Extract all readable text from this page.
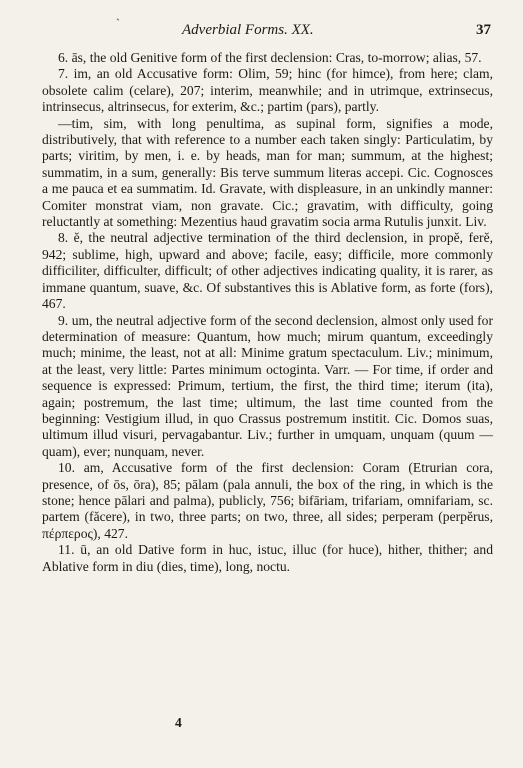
`	Adverbial Forms. XX.	37

6. ās, the old Genitive form of the first declension: Cras, to-morrow; alias, 57.

7. im, an old Accusative form: Olim, 59; hinc (for himce), from here; clam, obsolete calim (celare), 207; interim, meanwhile; and in utrimque, extrinsecus, intrinsecus, altrinsecus, for exterim, &c.; partim (pars), partly.

—tim, sim, with long penultima, as supinal form, signifies a mode, distributively, that with reference to a number each taken singly: Particulatim, by parts; viritim, by men, i. e. by heads, man for man; summum, at the highest; summatim, in a sum, generally: Bis terve summum literas accepi. Cic. Cognosces a me pauca et ea summatim. Id. Gravate, with displeasure, in an unkindly manner: Comiter monstrat viam, non gravate. Cic.; gravatim, with difficulty, going reluctantly at something: Mezentius haud gravatim socia arma Rutulis junxit. Liv.

8. ĕ, the neutral adjective termination of the third declension, in propĕ, ferĕ, 942; sublime, high, upward and above; facile, easy; difficile, more commonly difficiliter, difficulter, difficult; of other adjectives indicating quality, it is rarer, as immane quantum, suave, &c. Of substantives this is Ablative form, as forte (fors), 467.

9. um, the neutral adjective form of the second declension, almost only used for determination of measure: Quantum, how much; mirum quantum, exceedingly much; minime, the least, not at all: Minime gratum spectaculum. Liv.; minimum, at the least, very little: Partes minimum octoginta. Varr. — For time, if order and sequence is expressed: Primum, tertium, the first, the third time; iterum (ita), again; postremum, the last time; ultimum, the last time counted from the beginning: Vestigium illud, in quo Crassus postremum institit. Cic. Domos suas, ultimum illud visuri, pervagabantur. Liv.; further in umquam, unquam (quum — quam), ever; nunquam, never.

10. am, Accusative form of the first declension: Coram (Etrurian cora, presence, of ōs, ōra), 85; pālam (pala annuli, the box of the ring, in which is the stone; hence pālari and palma), publicly, 756; bifāriam, trifariam, omnifariam, sc. partem (făcere), in two, three parts; on two, three, all sides; perperam (perpĕrus, πέρπερος), 427.

11. ū, an old Dative form in huc, istuc, illuc (for huce), hither, thither; and Ablative form in diu (dies, time), long, noctu.

4
